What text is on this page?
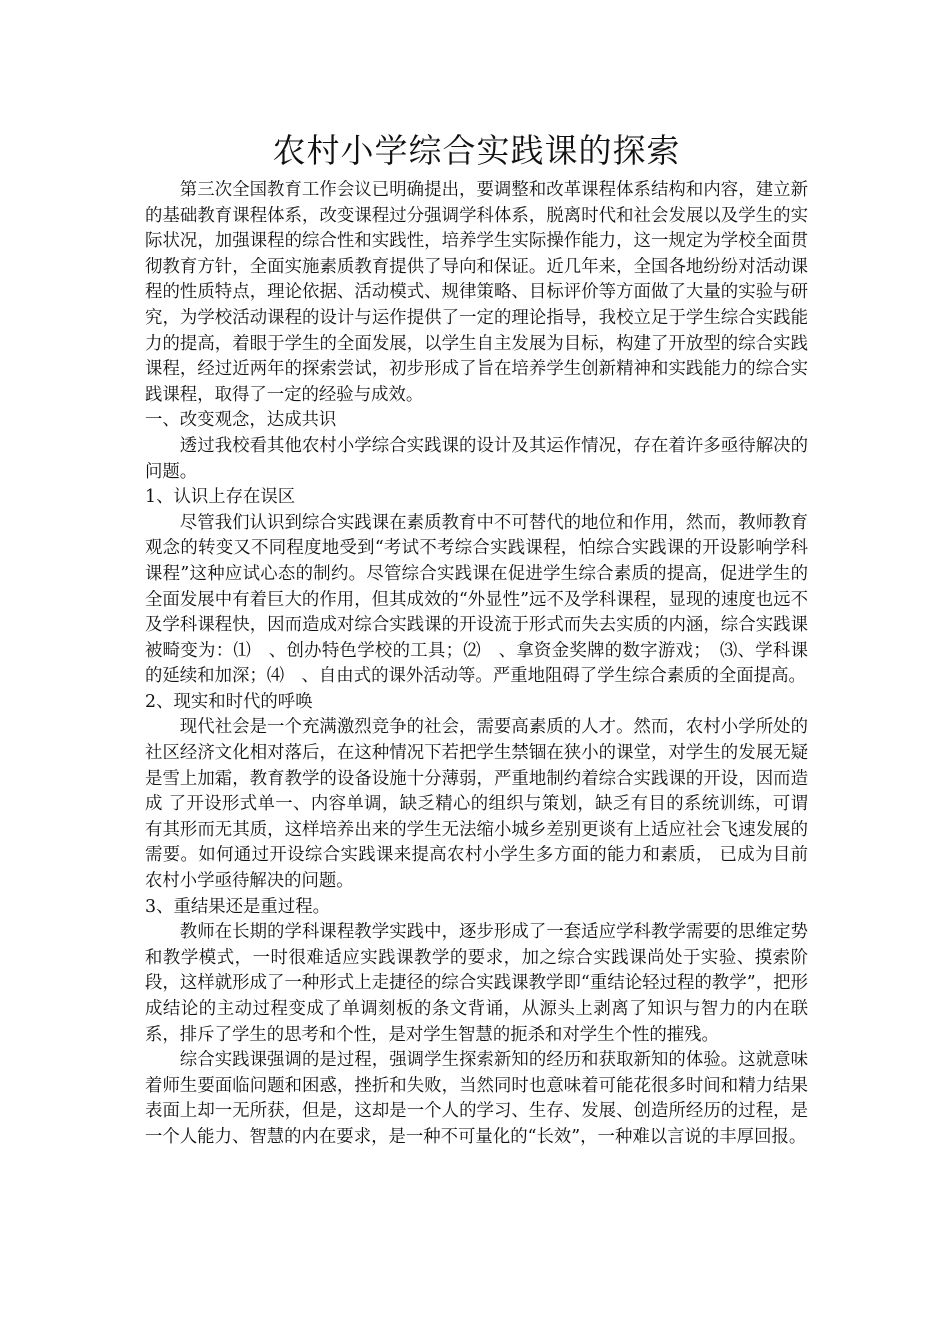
农村小学综合实践课的探索

第三次全国教育工作会议已明确提出，要调整和改革课程体系结构和内容，建立新的基础教育课程体系，改变课程过分强调学科体系，脱离时代和社会发展以及学生的实际状况，加强课程的综合性和实践性，培养学生实际操作能力，这一规定为学校全面贯彻教育方针，全面实施素质教育提供了导向和保证。近几年来，全国各地纷纷对活动课程的性质特点，理论依据、活动模式、规律策略、目标评价等方面做了大量的实验与研究，为学校活动课程的设计与运作提供了一定的理论指导，我校立足于学生综合实践能力的提高，着眼于学生的全面发展，以学生自主发展为目标，构建了开放型的综合实践课程，经过近两年的探索尝试，初步形成了旨在培养学生创新精神和实践能力的综合实践课程，取得了一定的经验与成效。

一、改变观念，达成共识

透过我校看其他农村小学综合实践课的设计及其运作情况，存在着许多亟待解决的问题。

1、认识上存在误区

尽管我们认识到综合实践课在素质教育中不可替代的地位和作用，然而，教师教育观念的转变又不同程度地受到“考试不考综合实践课程，怕综合实践课的开设影响学科课程”这种应试心态的制约。尽管综合实践课在促进学生综合素质的提高，促进学生的全面发展中有着巨大的作用，但其成效的“外显性”远不及学科课程，显现的速度也远不及学科课程快，因而造成对综合实践课的开设流于形式而失去实质的内涵，综合实践课被畸变为：⑴　、创办特色学校的工具；⑵　、拿资金奖牌的数字游戏；　⑶、学科课的延续和加深；⑷　、自由式的课外活动等。严重地阻碍了学生综合素质的全面提高。

2、现实和时代的呼唤

现代社会是一个充满激烈竞争的社会，需要高素质的人才。然而，农村小学所处的社区经济文化相对落后，在这种情况下若把学生禁锢在狭小的课堂，对学生的发展无疑是雪上加霜，教育教学的设备设施十分薄弱，严重地制约着综合实践课的开设，因而造成 了开设形式单一、内容单调，缺乏精心的组织与策划，缺乏有目的系统训练，可谓有其形而无其质，这样培养出来的学生无法缩小城乡差别更谈有上适应社会飞速发展的需要。如何通过开设综合实践课来提高农村小学生多方面的能力和素质， 已成为目前农村小学亟待解决的问题。

3、重结果还是重过程。

教师在长期的学科课程教学实践中，逐步形成了一套适应学科教学需要的思维定势和教学模式，一时很难适应实践课教学的要求，加之综合实践课尚处于实验、摸索阶段，这样就形成了一种形式上走捷径的综合实践课教学即“重结论轻过程的教学”，把形成结论的主动过程变成了单调刻板的条文背诵，从源头上剥离了知识与智力的内在联系，排斥了学生的思考和个性，是对学生智慧的扼杀和对学生个性的摧残。

综合实践课强调的是过程，强调学生探索新知的经历和获取新知的体验。这就意味着师生要面临问题和困惑，挫折和失败，当然同时也意味着可能花很多时间和精力结果表面上却一无所获，但是，这却是一个人的学习、生存、发展、创造所经历的过程，是一个人能力、智慧的内在要求，是一种不可量化的“长效”，一种难以言说的丰厚回报。
